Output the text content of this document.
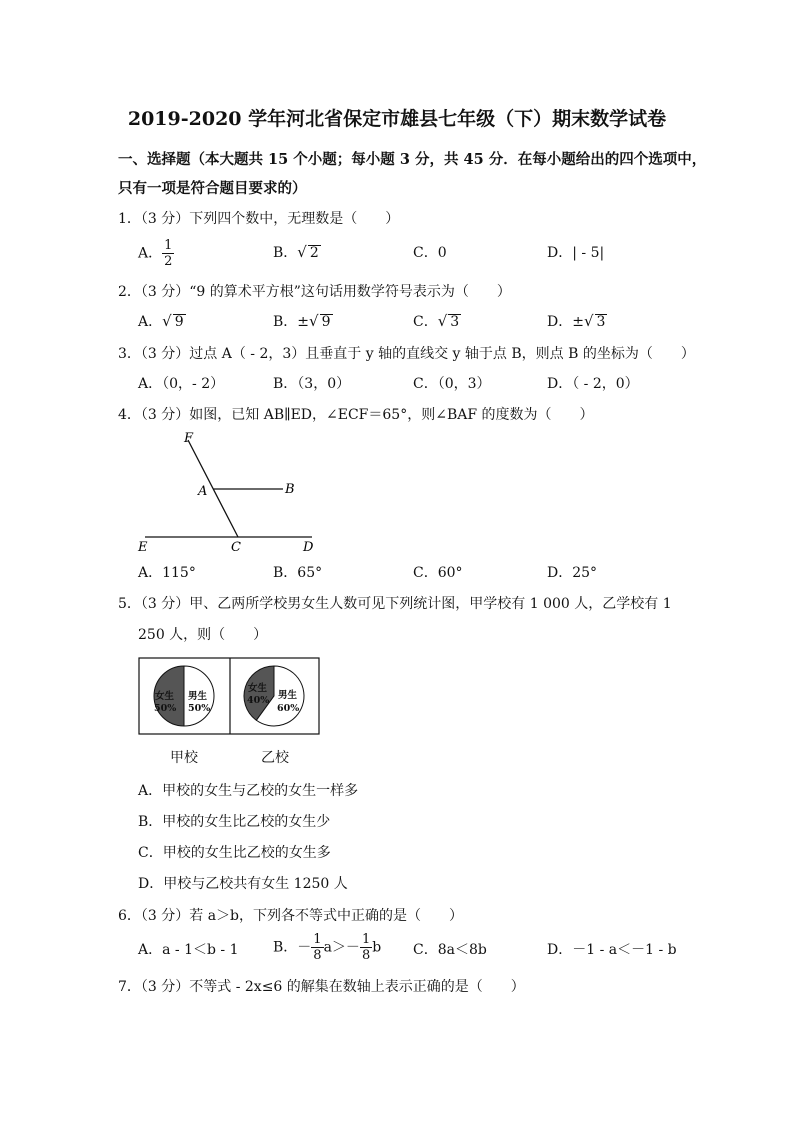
2019-2020 学年河北省保定市雄县七年级（下）期末数学试卷
一、选择题（本大题共 15 个小题；每小题 3 分，共 45 分．在每小题给出的四个选项中，
只有一项是符合题目要求的）
1．（3 分）下列四个数中，无理数是（　　）
A． $\frac{1}{2}$	B．√ 2	C．0	D．| - 5|
2．（3 分）“9 的算术平方根”这句话用数学符号表示为（　　）
A．√ 9	B．±√ 9	C．√ 3	D．±√ 3
3．（3 分）过点 A（ - 2，3）且垂直于 y 轴的直线交 y 轴于点 B，则点 B 的坐标为（　　）
A．（0，- 2）	B．（3，0）	C．（0，3）	D．（ - 2，0）
4．（3 分）如图，已知 AB∥ED，∠ECF＝65°，则∠BAF 的度数为（　　）
F
A	B
E	C	D
A．115°	B．65°	C．60°	D．25°
5．（3 分）甲、乙两所学校男女生人数可见下列统计图，甲学校有 1 000 人，乙学校有 1
250 人，则（　　）
女生
50%
男生
50%
女生
40% 男生
60%
甲校	乙校
A．甲校的女生与乙校的女生一样多
B．甲校的女生比乙校的女生少
C．甲校的女生比乙校的女生多
D．甲校与乙校共有女生 1250 人
6．（3 分）若 a＞b，下列各不等式中正确的是（　　）
A．a - 1＜b - 1 B．－ $\frac{1}{8} a>- \frac{1}{8}$ b C．8a＜8b	D．－1 - a＜－1 - b
7．（3 分）不等式 - 2x≤6 的解集在数轴上表示正确的是（　　）
